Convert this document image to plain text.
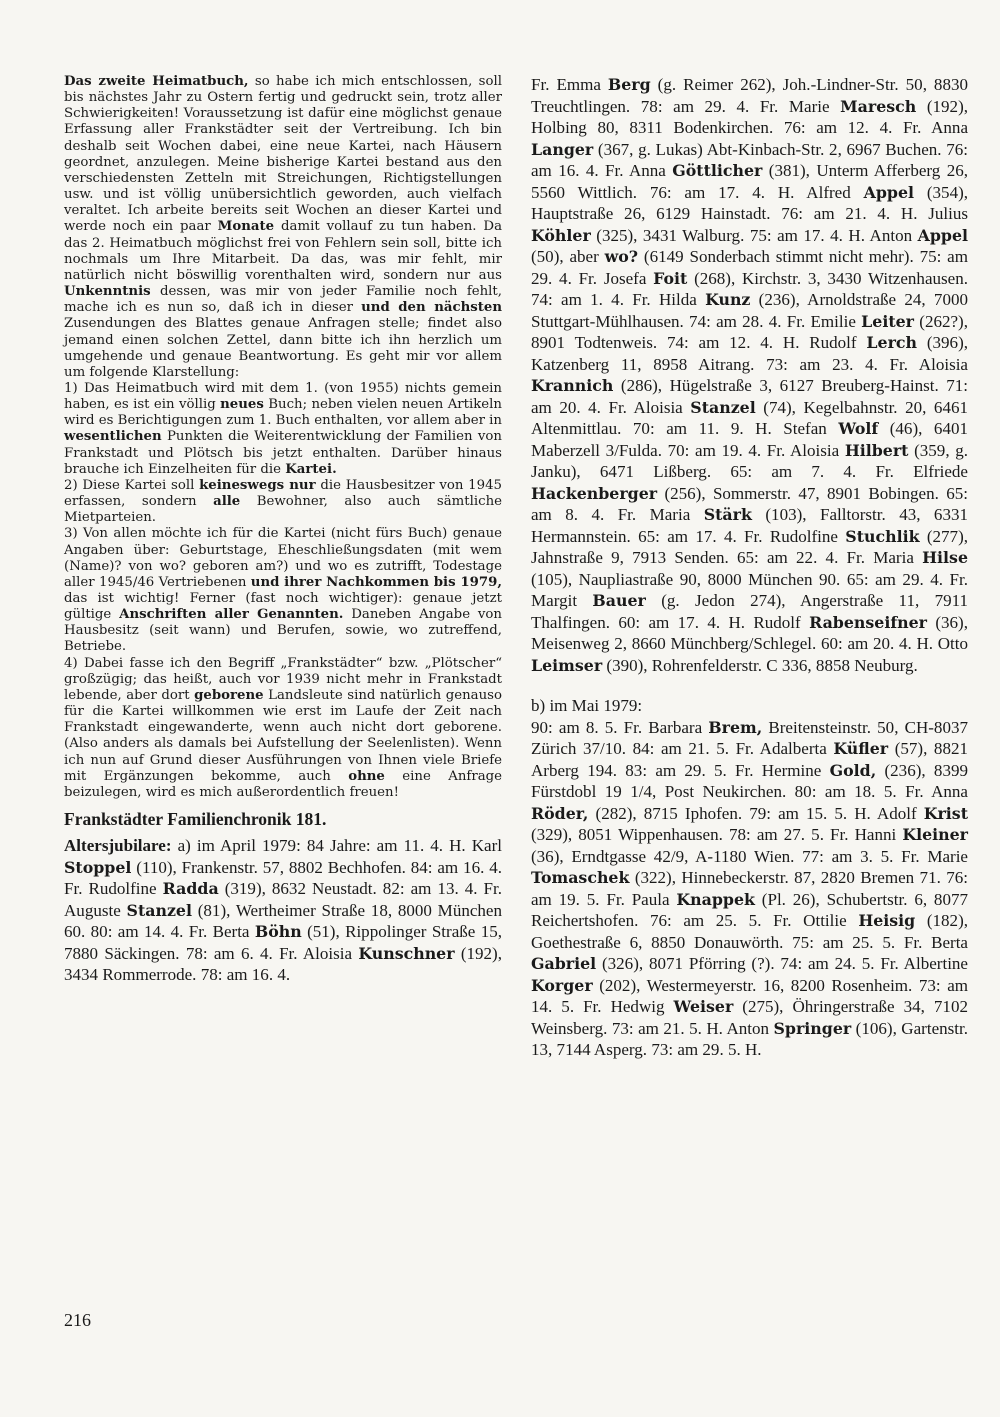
Das zweite Heimatbuch, so habe ich mich entschlossen, soll bis nächstes Jahr zu Ostern fertig und gedruckt sein, trotz aller Schwierigkeiten! Voraussetzung ist dafür eine möglichst genaue Erfassung aller Frankstädter seit der Vertreibung. Ich bin deshalb seit Wochen dabei, eine neue Kartei, nach Häusern geordnet, anzulegen. Meine bisherige Kartei bestand aus den verschiedensten Zetteln mit Streichungen, Richtigstellungen usw. und ist völlig unübersichtlich geworden, auch vielfach veraltet. Ich arbeite bereits seit Wochen an dieser Kartei und werde noch ein paar Monate damit vollauf zu tun haben. Da das 2. Heimatbuch möglichst frei von Fehlern sein soll, bitte ich nochmals um Ihre Mitarbeit. Da das, was mir fehlt, mir natürlich nicht böswillig vorenthalten wird, sondern nur aus Unkenntnis dessen, was mir von jeder Familie noch fehlt, mache ich es nun so, daß ich in dieser und den nächsten Zusendungen des Blattes genaue Anfragen stelle; findet also jemand einen solchen Zettel, dann bitte ich ihn herzlich um umgehende und genaue Beantwortung. Es geht mir vor allem um folgende Klarstellung:

1) Das Heimatbuch wird mit dem 1. (von 1955) nichts gemein haben, es ist ein völlig neues Buch; neben vielen neuen Artikeln wird es Berichtigungen zum 1. Buch enthalten, vor allem aber in wesentlichen Punkten die Weiterentwicklung der Familien von Frankstadt und Plötsch bis jetzt enthalten. Darüber hinaus brauche ich Einzelheiten für die Kartei.

2) Diese Kartei soll keineswegs nur die Hausbesitzer von 1945 erfassen, sondern alle Bewohner, also auch sämtliche Mietparteien.

3) Von allen möchte ich für die Kartei (nicht fürs Buch) genaue Angaben über: Geburtstage, Eheschließungsdaten (mit wem (Name)? von wo? geboren am?) und wo es zutrifft, Todestage aller 1945/46 Vertriebenen und ihrer Nachkommen bis 1979, das ist wichtig! Ferner (fast noch wichtiger): genaue jetzt gültige Anschriften aller Genannten. Daneben Angabe von Hausbesitz (seit wann) und Berufen, sowie, wo zutreffend, Betriebe.

4) Dabei fasse ich den Begriff „Frankstädter“ bzw. „Plötscher“ großzügig; das heißt, auch vor 1939 nicht mehr in Frankstadt lebende, aber dort geborene Landsleute sind natürlich genauso für die Kartei willkommen wie erst im Laufe der Zeit nach Frankstadt eingewanderte, wenn auch nicht dort geborene. (Also anders als damals bei Aufstellung der Seelenlisten). Wenn ich nun auf Grund dieser Ausführungen von Ihnen viele Briefe mit Ergänzungen bekomme, auch ohne eine Anfrage beizulegen, wird es mich außerordentlich freuen!

Frankstädter Familienchronik 181.
Altersjubilare: a) im April 1979: 84 Jahre: am 11. 4. H. Karl Stoppel (110), Frankenstr. 57, 8802 Bechhofen. 84: am 16. 4. Fr. Rudolfine Radda (319), 8632 Neustadt. 82: am 13. 4. Fr. Auguste Stanzel (81), Wertheimer Straße 18, 8000 München 60. 80: am 14. 4. Fr. Berta Böhn (51), Rippolinger Straße 15, 7880 Säckingen. 78: am 6. 4. Fr. Aloisia Kunschner (192), 3434 Rommerrode. 78: am 16. 4.

Fr. Emma Berg (g. Reimer 262), Joh.-Lindner-Str. 50, 8830 Treuchtlingen. 78: am 29. 4. Fr. Marie Maresch (192), Holbing 80, 8311 Bodenkirchen. 76: am 12. 4. Fr. Anna Langer (367, g. Lukas) Abt-Kinbach-Str. 2, 6967 Buchen. 76: am 16. 4. Fr. Anna Göttlicher (381), Unterm Afferberg 26, 5560 Wittlich. 76: am 17. 4. H. Alfred Appel (354), Hauptstraße 26, 6129 Hainstadt. 76: am 21. 4. H. Julius Köhler (325), 3431 Walburg. 75: am 17. 4. H. Anton Appel (50), aber wo? (6149 Sonderbach stimmt nicht mehr). 75: am 29. 4. Fr. Josefa Foit (268), Kirchstr. 3, 3430 Witzenhausen. 74: am 1. 4. Fr. Hilda Kunz (236), Arnoldstraße 24, 7000 Stuttgart-Mühlhausen. 74: am 28. 4. Fr. Emilie Leiter (262?), 8901 Todtenweis. 74: am 12. 4. H. Rudolf Lerch (396), Katzenberg 11, 8958 Aitrang. 73: am 23. 4. Fr. Aloisia Krannich (286), Hügelstraße 3, 6127 Breuberg-Hainst. 71: am 20. 4. Fr. Aloisia Stanzel (74), Kegelbahnstr. 20, 6461 Altenmittlau. 70: am 11. 9. H. Stefan Wolf (46), 6401 Maberzell 3/Fulda. 70: am 19. 4. Fr. Aloisia Hilbert (359, g. Janku), 6471 Lißberg. 65: am 7. 4. Fr. Elfriede Hackenberger (256), Sommerstr. 47, 8901 Bobingen. 65: am 8. 4. Fr. Maria Stärk (103), Falltorstr. 43, 6331 Hermannstein. 65: am 17. 4. Fr. Rudolfine Stuchlik (277), Jahnstraße 9, 7913 Senden. 65: am 22. 4. Fr. Maria Hilse (105), Naupliastraße 90, 8000 München 90. 65: am 29. 4. Fr. Margit Bauer (g. Jedon 274), Angerstraße 11, 7911 Thalfingen. 60: am 17. 4. H. Rudolf Rabenseifner (36), Meisenweg 2, 8660 Münchberg/Schlegel. 60: am 20. 4. H. Otto Leimser (390), Rohrenfelderstr. C 336, 8858 Neuburg.

b) im Mai 1979:

90: am 8. 5. Fr. Barbara Brem, Breitensteinstr. 50, CH-8037 Zürich 37/10. 84: am 21. 5. Fr. Adalberta Küfler (57), 8821 Arberg 194. 83: am 29. 5. Fr. Hermine Gold, (236), 8399 Fürstdobl 19 1/4, Post Neukirchen. 80: am 18. 5. Fr. Anna Röder, (282), 8715 Iphofen. 79: am 15. 5. H. Adolf Krist (329), 8051 Wippenhausen. 78: am 27. 5. Fr. Hanni Kleiner (36), Erndtgasse 42/9, A-1180 Wien. 77: am 3. 5. Fr. Marie Tomaschek (322), Hinnebeckerstr. 87, 2820 Bremen 71. 76: am 19. 5. Fr. Paula Knappek (Pl. 26), Schubertstr. 6, 8077 Reichertshofen. 76: am 25. 5. Fr. Ottilie Heisig (182), Goethestraße 6, 8850 Donauwörth. 75: am 25. 5. Fr. Berta Gabriel (326), 8071 Pförring (?). 74: am 24. 5. Fr. Albertine Korger (202), Westermeyerstr. 16, 8200 Rosenheim. 73: am 14. 5. Fr. Hedwig Weiser (275), Öhringerstraße 34, 7102 Weinsberg. 73: am 21. 5. H. Anton Springer (106), Gartenstr. 13, 7144 Asperg. 73: am 29. 5. H.

216
